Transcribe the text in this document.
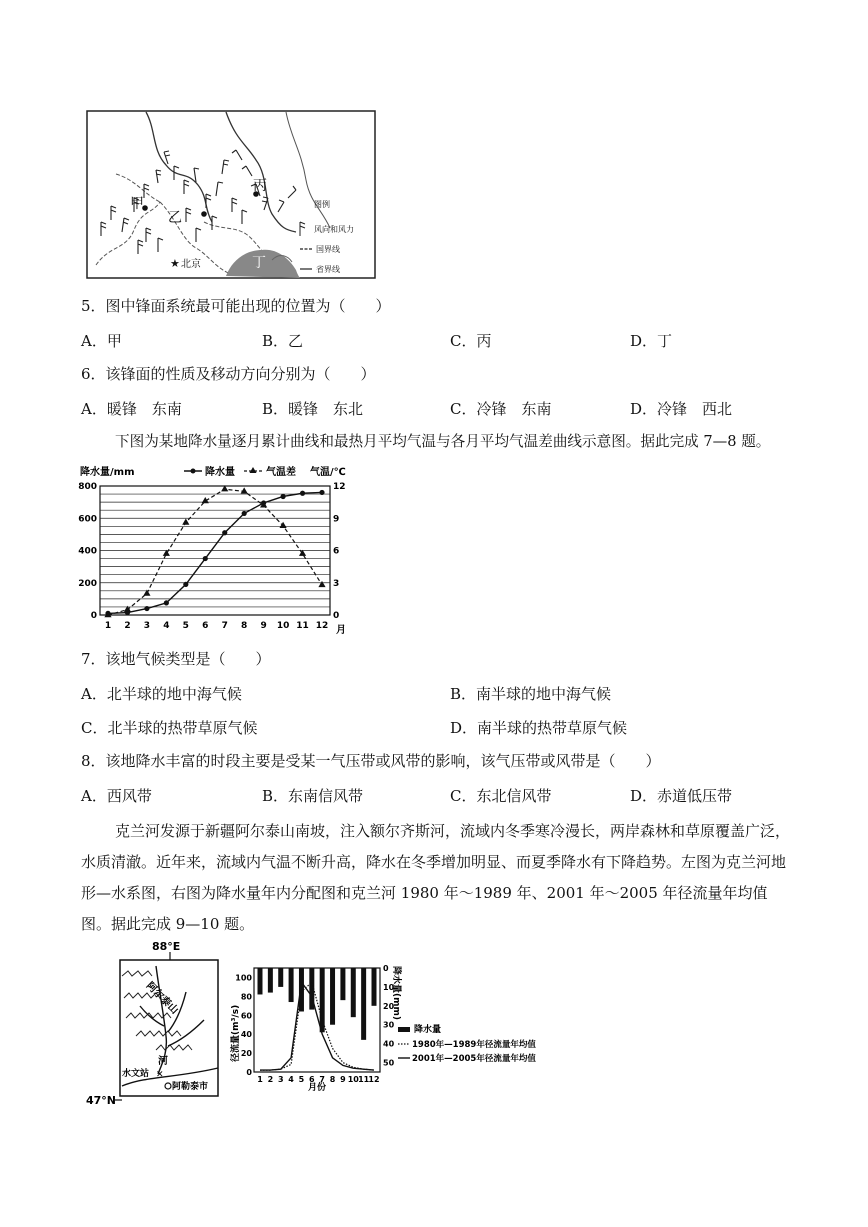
甲
乙
丙
丁
★ 北京
图例
风向和风力
国界线
省界线
5．图中锋面系统最可能出现的位置为（　　）
A．甲	B．乙	C．丙	D．丁
6．该锋面的性质及移动方向分别为（　　）
A．暖锋　东南	B．暖锋　东北	C．冷锋　东南	D．冷锋　西北
下图为某地降水量逐月累计曲线和最热月平均气温与各月平均气温差曲线示意图。据此完成 7—8 题。
降水量	气温差
降水量/mm	气温/℃
0
200
400
600
800
0
3
6
9
12
1 2 3 4 5 6 7 8 9 10 11 12 月
7．该地气候类型是（　　）
A．北半球的地中海气候	B．南半球的地中海气候
C．北半球的热带草原气候	D．南半球的热带草原气候
8．该地降水丰富的时段主要是受某一气压带或风带的影响，该气压带或风带是（　　）
A．西风带	B．东南信风带	C．东北信风带	D．赤道低压带
克兰河发源于新疆阿尔泰山南坡，注入额尔齐斯河，流域内冬季寒冷漫长，两岸森林和草原覆盖广泛，水质清澈。近年来，流域内气温不断升高，降水在冬季增加明显、而夏季降水有下降趋势。左图为克兰河地形—水系图，右图为降水量年内分配图和克兰河 1980 年～1989 年、2001 年～2005 年径流量年均值图。据此完成 9—10 题。
88°E
阿尔泰山
河
水文站 ✕
阿勒泰市
47°N
径流量(m³/s)
降水量(mm)
0
20
40
60
80
100
0
10
20
30
40
50
1 2 3 4 5 6 7 8 9 10 11 12
月份
降水量
1980年—1989年径流量年均值
2001年—2005年径流量年均值
